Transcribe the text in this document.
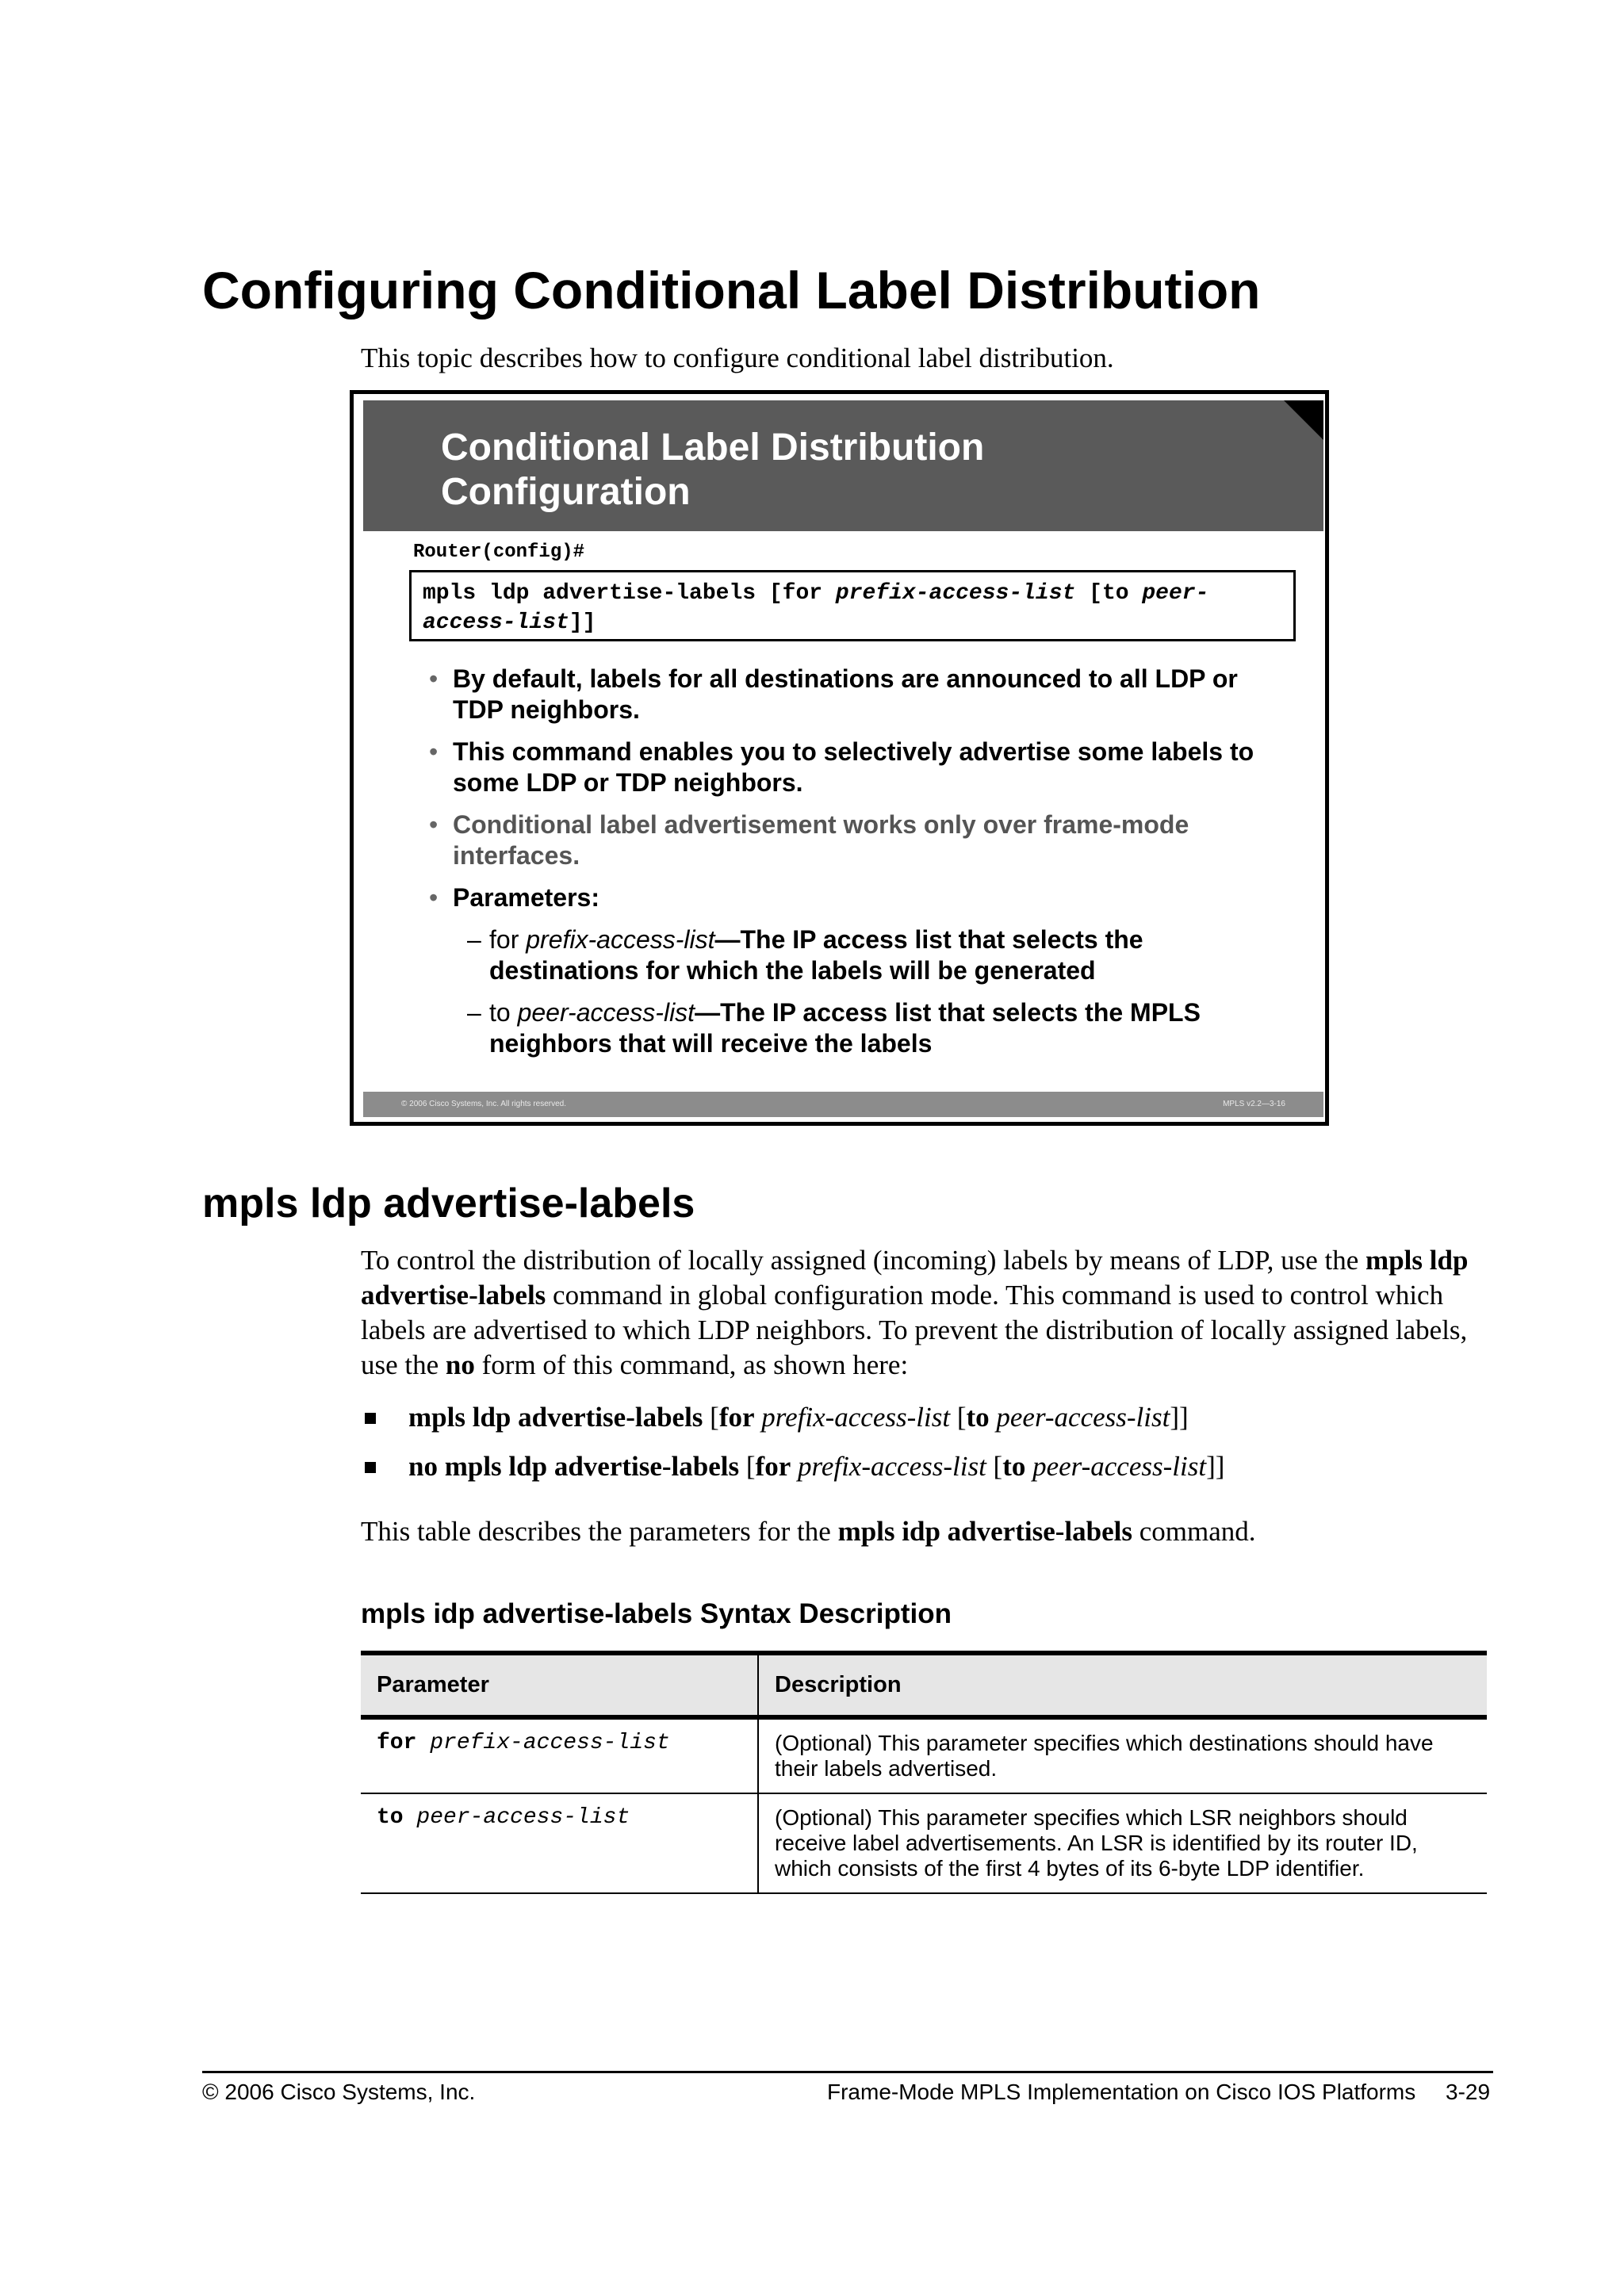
Configuring Conditional Label Distribution
This topic describes how to configure conditional label distribution.
Conditional Label Distribution
Configuration
Router(config)#
mpls ldp advertise-labels [for prefix-access-list [to peer-
access-list]]
• By default, labels for all destinations are announced to all LDP or TDP neighbors.
• This command enables you to selectively advertise some labels to some LDP or TDP neighbors.
• Conditional label advertisement works only over frame-mode interfaces.
• Parameters:
– for prefix-access-list—The IP access list that selects the destinations for which the labels will be generated
– to peer-access-list—The IP access list that selects the MPLS neighbors that will receive the labels
© 2006 Cisco Systems, Inc. All rights reserved.	MPLS v2.2—3-16
mpls ldp advertise-labels
To control the distribution of locally assigned (incoming) labels by means of LDP, use the mpls ldp advertise-labels command in global configuration mode. This command is used to control which labels are advertised to which LDP neighbors. To prevent the distribution of locally assigned labels, use the no form of this command, as shown here:
mpls ldp advertise-labels [for prefix-access-list [to peer-access-list]]
no mpls ldp advertise-labels [for prefix-access-list [to peer-access-list]]
This table describes the parameters for the mpls idp advertise-labels command.
mpls idp advertise-labels Syntax Description
Parameter	Description
for prefix-access-list	(Optional) This parameter specifies which destinations should have their labels advertised.
to peer-access-list	(Optional) This parameter specifies which LSR neighbors should receive label advertisements. An LSR is identified by its router ID, which consists of the first 4 bytes of its 6-byte LDP identifier.
© 2006 Cisco Systems, Inc.	Frame-Mode MPLS Implementation on Cisco IOS Platforms 3-29
